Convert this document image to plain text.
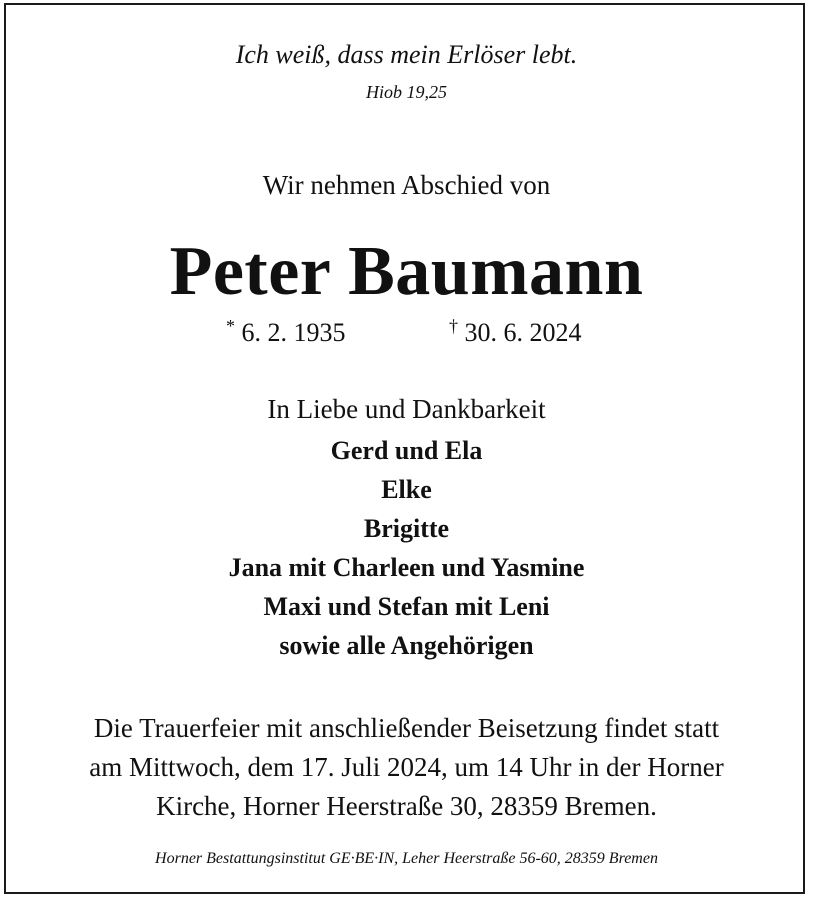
Ich weiß, dass mein Erlöser lebt.
Hiob 19,25
Wir nehmen Abschied von
Peter Baumann
* 6. 2. 1935	† 30. 6. 2024
In Liebe und Dankbarkeit
Gerd und Ela
Elke
Brigitte
Jana mit Charleen und Yasmine
Maxi und Stefan mit Leni
sowie alle Angehörigen
Die Trauerfeier mit anschließender Beisetzung findet statt
am Mittwoch, dem 17. Juli 2024, um 14 Uhr in der Horner
Kirche, Horner Heerstraße 30, 28359 Bremen.
Horner Bestattungsinstitut GE·BE·IN, Leher Heerstraße 56-60, 28359 Bremen
